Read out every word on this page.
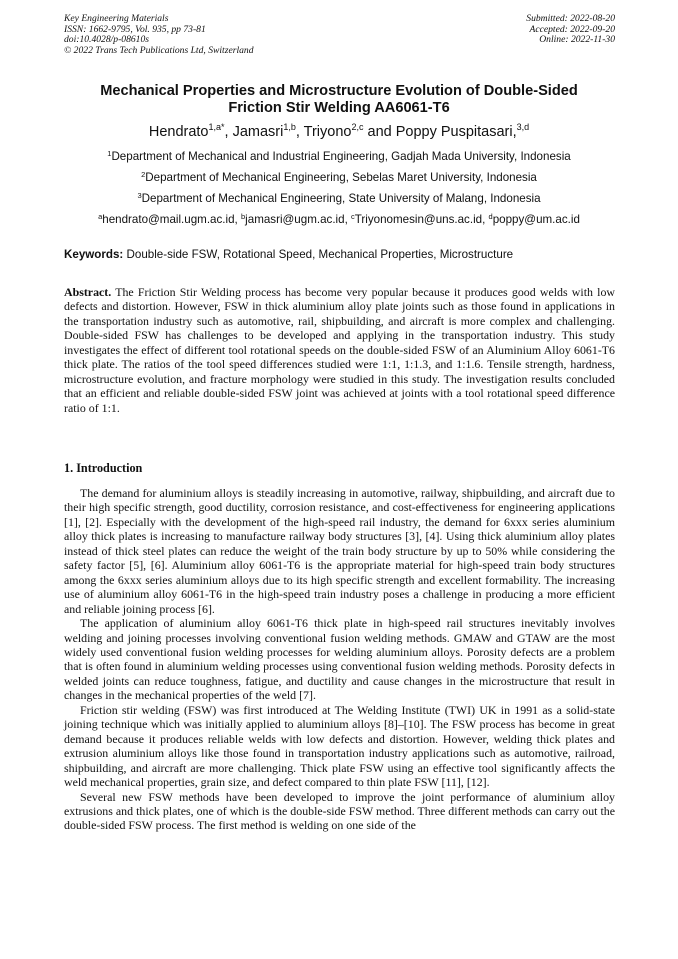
Key Engineering Materials
ISSN: 1662-9795, Vol. 935, pp 73-81
doi:10.4028/p-08610s
© 2022 Trans Tech Publications Ltd, Switzerland
Submitted: 2022-08-20
Accepted: 2022-09-20
Online: 2022-11-30
Mechanical Properties and Microstructure Evolution of Double-Sided
Friction Stir Welding AA6061-T6
Hendrato$^{1,a*}$, Jamasri$^{1,b}$, Triyono$^{2,c}$ and Poppy Puspitasari,$^{3,d}$
$^1$Department of Mechanical and Industrial Engineering, Gadjah Mada University, Indonesia
$^2$Department of Mechanical Engineering, Sebelas Maret University, Indonesia
$^3$Department of Mechanical Engineering, State University of Malang, Indonesia
$^a$hendrato@mail.ugm.ac.id, $^b$jamasri@ugm.ac.id, $^c$Triyonomesin@uns.ac.id, $^d$poppy@um.ac.id
Keywords: Double-side FSW, Rotational Speed, Mechanical Properties, Microstructure
Abstract. The Friction Stir Welding process has become very popular because it produces good welds with low defects and distortion. However, FSW in thick aluminium alloy plate joints such as those found in applications in the transportation industry such as automotive, rail, shipbuilding, and aircraft is more complex and challenging. Double-sided FSW has challenges to be developed and applying in the transportation industry. This study investigates the effect of different tool rotational speeds on the double-sided FSW of an Aluminium Alloy 6061-T6 thick plate. The ratios of the tool speed differences studied were 1:1, 1:1.3, and 1:1.6. Tensile strength, hardness, microstructure evolution, and fracture morphology were studied in this study. The investigation results concluded that an efficient and reliable double-sided FSW joint was achieved at joints with a tool rotational speed difference ratio of 1:1.
1. Introduction

The demand for aluminium alloys is steadily increasing in automotive, railway, shipbuilding, and aircraft due to their high specific strength, good ductility, corrosion resistance, and cost-effectiveness for engineering applications [1], [2]. Especially with the development of the high-speed rail industry, the demand for 6xxx series aluminium alloy thick plates is increasing to manufacture railway body structures [3], [4]. Using thick aluminium alloy plates instead of thick steel plates can reduce the weight of the train body structure by up to 50% while considering the safety factor [5], [6]. Aluminium alloy 6061-T6 is the appropriate material for high-speed train body structures among the 6xxx series aluminium alloys due to its high specific strength and excellent formability. The increasing use of aluminium alloy 6061-T6 in the high-speed train industry poses a challenge in producing a more efficient and reliable joining process [6].

The application of aluminium alloy 6061-T6 thick plate in high-speed rail structures inevitably involves welding and joining processes involving conventional fusion welding methods. GMAW and GTAW are the most widely used conventional fusion welding processes for welding aluminium alloys. Porosity defects are a problem that is often found in aluminium welding processes using conventional fusion welding methods. Porosity defects in welded joints can reduce toughness, fatigue, and ductility and cause changes in the microstructure that result in changes in the mechanical properties of the weld [7].

Friction stir welding (FSW) was first introduced at The Welding Institute (TWI) UK in 1991 as a solid-state joining technique which was initially applied to aluminium alloys [8]–[10]. The FSW process has become in great demand because it produces reliable welds with low defects and distortion. However, welding thick plates and extrusion aluminium alloys like those found in transportation industry applications such as automotive, railroad, shipbuilding, and aircraft are more challenging. Thick plate FSW using an effective tool significantly affects the weld mechanical properties, grain size, and defect compared to thin plate FSW [11], [12].

Several new FSW methods have been developed to improve the joint performance of aluminium alloy extrusions and thick plates, one of which is the double-side FSW method. Three different methods can carry out the double-sided FSW process. The first method is welding on one side of the
